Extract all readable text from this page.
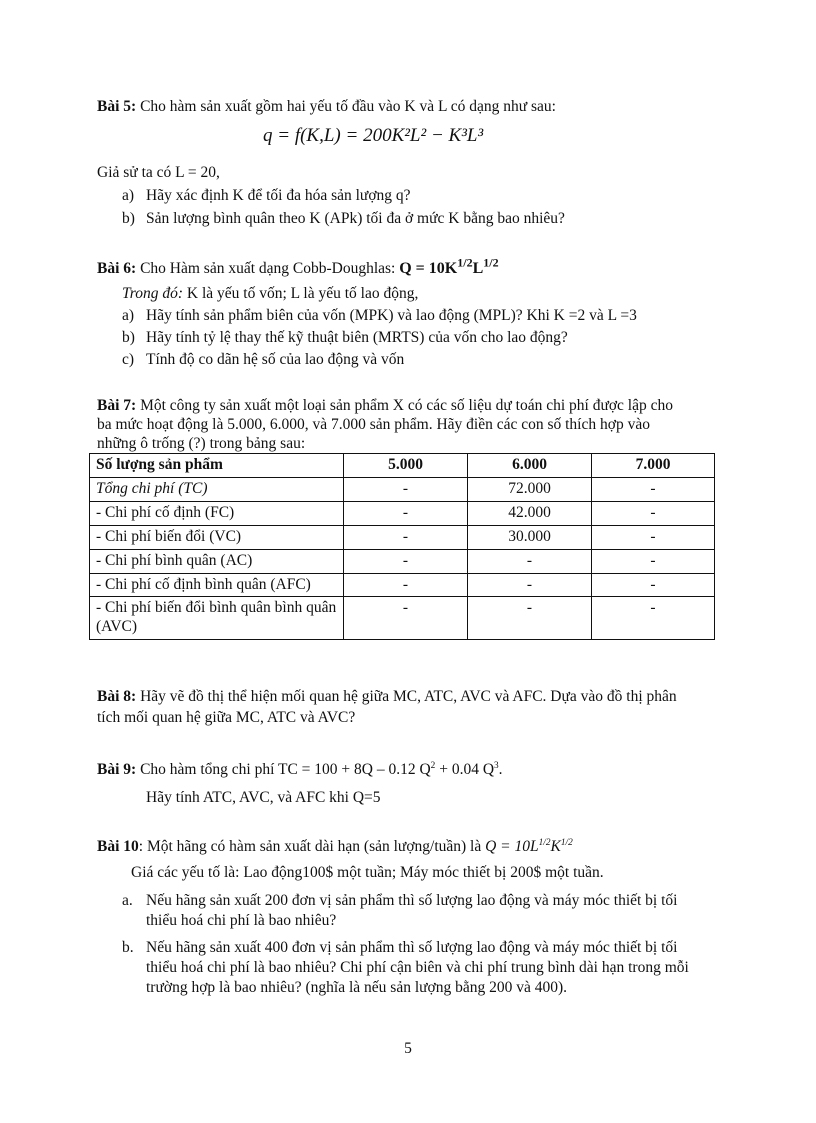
Bài 5: Cho hàm sản xuất gồm hai yếu tố đầu vào K và L có dạng như sau:
q = f(K,L) = 200K²L² − K³L³
Giả sử ta có L = 20,
a) Hãy xác định K để tối đa hóa sản lượng q?
b) Sản lượng bình quân theo K (APk) tối đa ở mức K bằng bao nhiêu?
Bài 6: Cho Hàm sản xuất dạng Cobb-Doughlas: $Q = 10K^{1/2}L^{1/2}$
Trong đó: K là yếu tố vốn; L là yếu tố lao động,
a) Hãy tính sản phẩm biên của vốn (MPK) và lao động (MPL)? Khi K =2 và L =3
b) Hãy tính tỷ lệ thay thế kỹ thuật biên (MRTS) của vốn cho lao động?
c) Tính độ co dãn hệ số của lao động và vốn
Bài 7: Một công ty sản xuất một loại sản phẩm X có các số liệu dự toán chi phí được lập cho
ba mức hoạt động là 5.000, 6.000, và 7.000 sản phẩm. Hãy điền các con số thích hợp vào
những ô trống (?) trong bảng sau:
Số lượng sản phẩm	5.000	6.000	7.000
Tổng chi phí (TC)	-	72.000	-
- Chi phí cố định (FC)	-	42.000	-
- Chi phí biến đổi (VC)	-	30.000	-
- Chi phí bình quân (AC)	-	-	-
- Chi phí cố định bình quân (AFC)	-	-	-
- Chi phí biến đổi bình quân bình quân (AVC)	-	-	-
Bài 8: Hãy vẽ đồ thị thể hiện mối quan hệ giữa MC, ATC, AVC và AFC. Dựa vào đồ thị phân
tích mối quan hệ giữa MC, ATC và AVC?
Bài 9: Cho hàm tổng chi phí TC = 100 + 8Q – 0.12 $Q^2 + 0.04$ $Q^3$.
Hãy tính ATC, AVC, và AFC khi Q=5
Bài 10: Một hãng có hàm sản xuất dài hạn (sản lượng/tuần) là $Q = 10L^{1/2}K^{1/2}$
Giá các yếu tố là: Lao động100$ một tuần; Máy móc thiết bị 200$ một tuần.
a. Nếu hãng sản xuất 200 đơn vị sản phẩm thì số lượng lao động và máy móc thiết bị tối
thiểu hoá chi phí là bao nhiêu?
b. Nếu hãng sản xuất 400 đơn vị sản phẩm thì số lượng lao động và máy móc thiết bị tối
thiểu hoá chi phí là bao nhiêu? Chi phí cận biên và chi phí trung bình dài hạn trong mỗi
trường hợp là bao nhiêu? (nghĩa là nếu sản lượng bằng 200 và 400).
5
